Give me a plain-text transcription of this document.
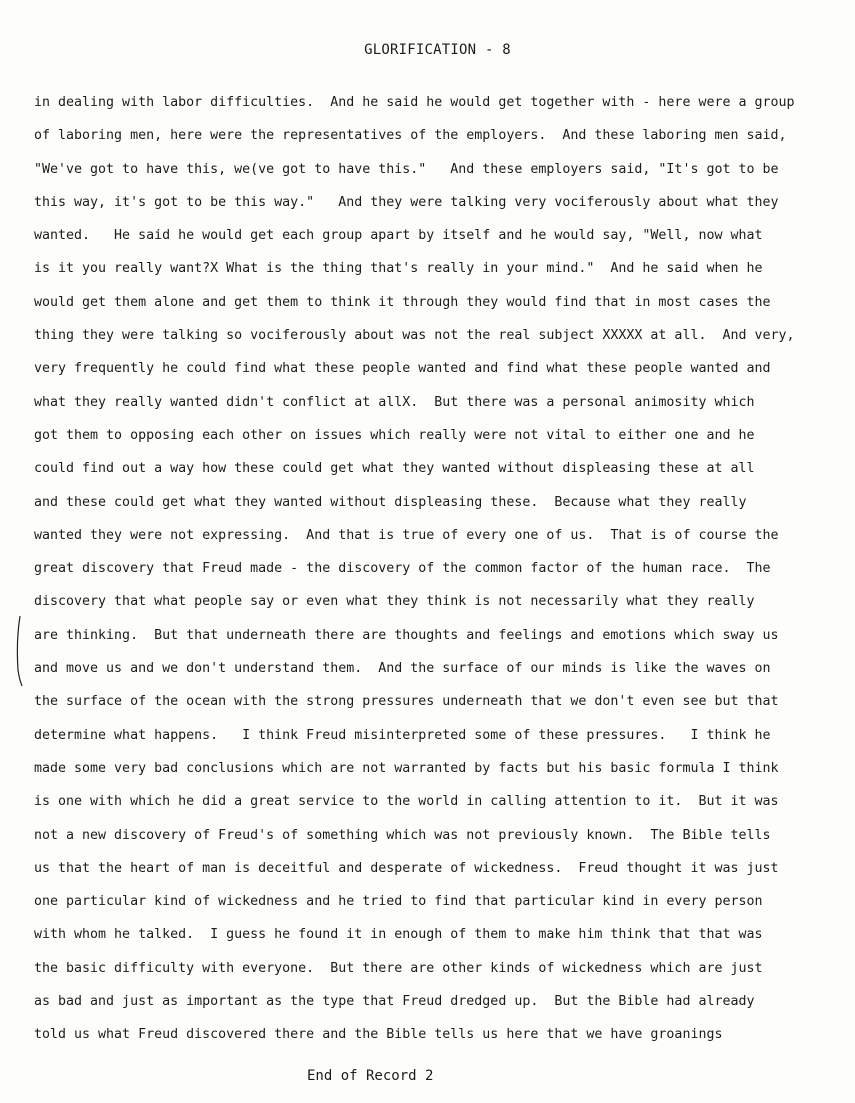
GLORIFICATION - 8
in dealing with labor difficulties.  And he said he would get together with - here were a group
of laboring men, here were the representatives of the employers.  And these laboring men said,
"We've got to have this, we(ve got to have this."   And these employers said, "It's got to be
this way, it's got to be this way."   And they were talking very vociferously about what they
wanted.   He said he would get each group apart by itself and he would say, "Well, now what
is it you really want?X What is the thing that's really in your mind."  And he said when he
would get them alone and get them to think it through they would find that in most cases the
thing they were talking so vociferously about was not the real subject XXXXX at all.  And very,
very frequently he could find what these people wanted and find what these people wanted and
what they really wanted didn't conflict at allX.  But there was a personal animosity which
got them to opposing each other on issues which really were not vital to either one and he
could find out a way how these could get what they wanted without displeasing these at all
and these could get what they wanted without displeasing these.  Because what they really
wanted they were not expressing.  And that is true of every one of us.  That is of course the
great discovery that Freud made - the discovery of the common factor of the human race.  The
discovery that what people say or even what they think is not necessarily what they really
are thinking.  But that underneath there are thoughts and feelings and emotions which sway us
and move us and we don't understand them.  And the surface of our minds is like the waves on
the surface of the ocean with the strong pressures underneath that we don't even see but that
determine what happens.   I think Freud misinterpreted some of these pressures.   I think he
made some very bad conclusions which are not warranted by facts but his basic formula I think
is one with which he did a great service to the world in calling attention to it.  But it was
not a new discovery of Freud's of something which was not previously known.  The Bible tells
us that the heart of man is deceitful and desperate of wickedness.  Freud thought it was just
one particular kind of wickedness and he tried to find that particular kind in every person
with whom he talked.  I guess he found it in enough of them to make him think that that was
the basic difficulty with everyone.  But there are other kinds of wickedness which are just
as bad and just as important as the type that Freud dredged up.  But the Bible had already
told us what Freud discovered there and the Bible tells us here that we have groanings
End of Record 2
